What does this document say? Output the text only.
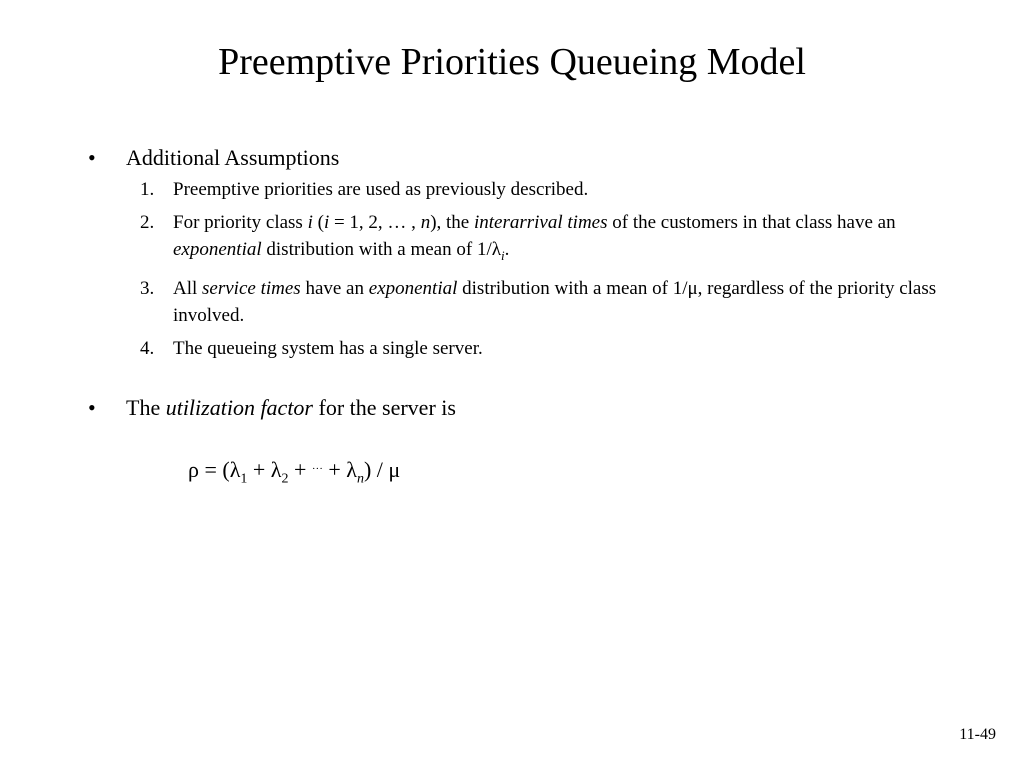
Preemptive Priorities Queueing Model
• Additional Assumptions
1. Preemptive priorities are used as previously described.
2. For priority class i (i = 1, 2, … , n), the interarrival times of the customers in that class have an exponential distribution with a mean of $1/\lambda_i$.
3. All service times have an exponential distribution with a mean of 1/μ, regardless of the priority class involved.
4. The queueing system has a single server.
• The utilization factor for the server is
$\rho = (\lambda_1 + \lambda_2 + ^{\cdot\cdot\cdot} + \lambda_n) / \mu$
11-49
